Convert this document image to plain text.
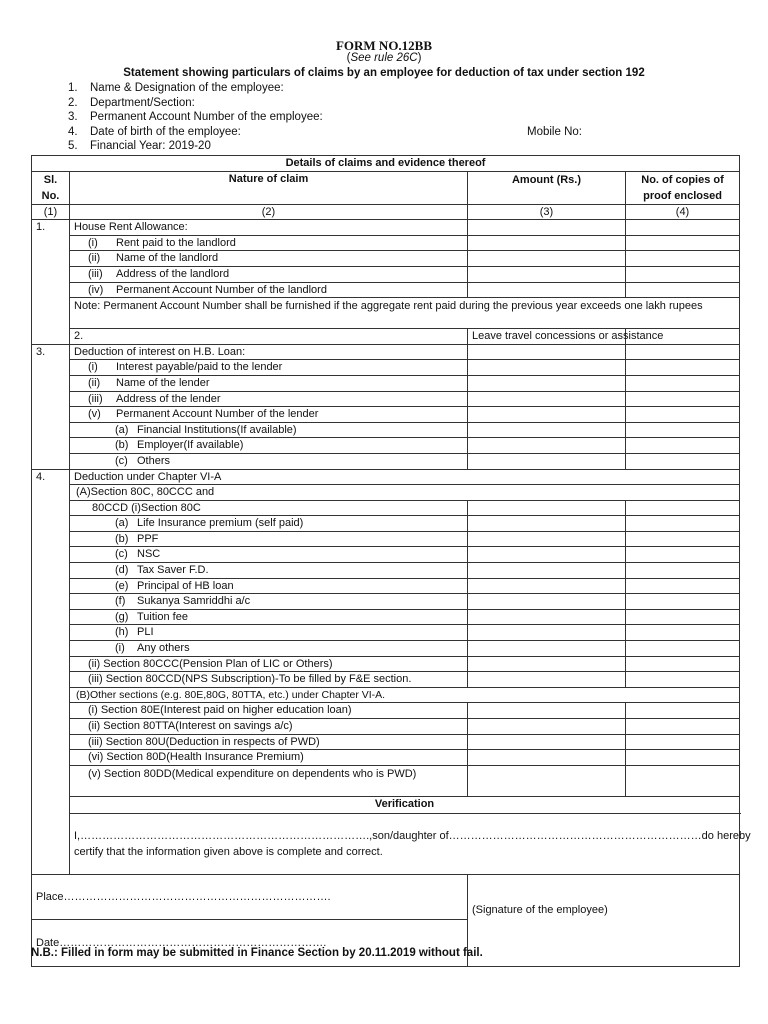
FORM NO.12BB
(See rule 26C)
Statement showing particulars of claims by an employee for deduction of tax under section 192
1. Name & Designation of the employee:
2. Department/Section:
3. Permanent Account Number of the employee:
4. Date of birth of the employee:	Mobile No:
5. Financial Year: 2019-20
Details of claims and evidence thereof				
Sl. No.	Nature of claim	Amount (Rs.)	No. of copies of proof enclosed	
(1)	(2)	(3)	(4)	
1.	House Rent Allowance:			
	(i) Rent paid to the landlord			
	(ii) Name of the landlord			
	(iii) Address of the landlord			
	(iv) Permanent Account Number of the landlord			
	Note: Permanent Account Number shall be furnished if the aggregate rent paid during the previous year exceeds one lakh rupees			
	2.	Leave travel concessions or assistance		
3.	Deduction of interest on H.B. Loan:			
	(i) Interest payable/paid to the lender			
	(ii) Name of the lender			
	(iii) Address of the lender			
	(v) Permanent Account Number of the lender			
	(a) Financial Institutions(If available)			
	(b) Employer(If available)			
	(c) Others			
4.	Deduction under Chapter VI-A			
	(A)Section 80C, 80CCC and			
	80CCD (i)Section 80C			
	(a) Life Insurance premium (self paid)			
	(b) PPF			
	(c) NSC			
	(d) Tax Saver F.D.			
	(e) Principal of HB loan			
	(f) Sukanya Samriddhi a/c			
	(g) Tuition fee			
	(h) PLI			
	(i) Any others			
	(ii) Section 80CCC(Pension Plan of LIC or Others)			
	(iii) Section 80CCD(NPS Subscription)-To be filled by F&E section.			
	(B)Other sections (e.g. 80E,80G, 80TTA, etc.) under Chapter VI-A.			
	(i) Section 80E(Interest paid on higher education loan)			
	(ii) Section 80TTA(Interest on savings a/c)			
	(iii) Section 80U(Deduction in respects of PWD)			
	(vi) Section 80D(Health Insurance Premium)			
	(v) Section 80DD(Medical expenditure on dependents who is PWD)			
	Verification			

	I,…………………………………………………………………….,son/daughter of……………………………………………………………do hereby
certify that the information given above is complete and correct.			

Place……………………………………………………………….		(Signature of the employee)		

Date……………………………………………………………….				
N.B.: Filled in form may be submitted in Finance Section by 20.11.2019 without fail.
